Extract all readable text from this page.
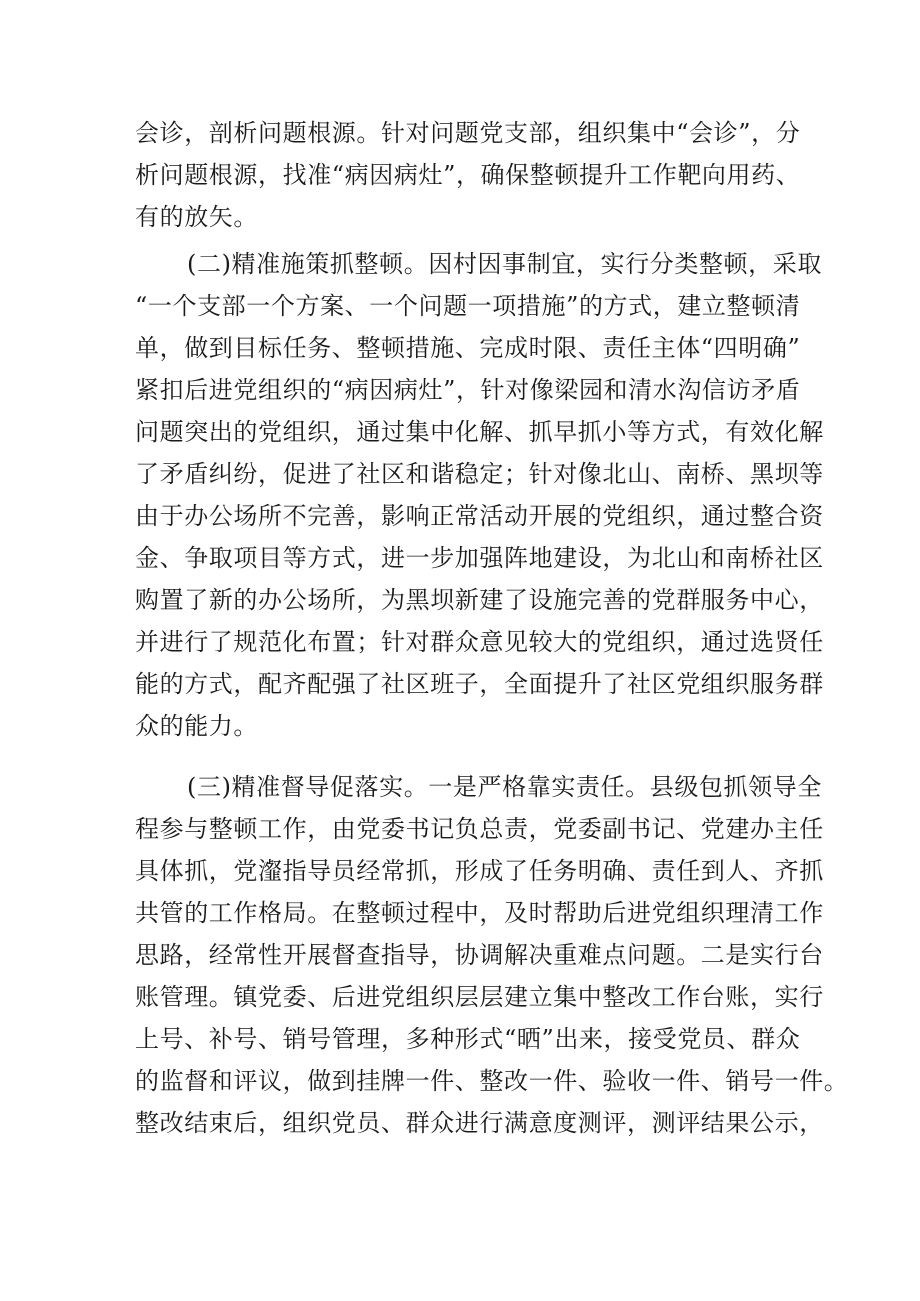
会诊，剖析问题根源。针对问题党支部，组织集中“会诊”，分
析问题根源，找准“病因病灶”，确保整顿提升工作靶向用药、
有的放矢。
(二)精准施策抓整顿。因村因事制宜，实行分类整顿，采取
“一个支部一个方案、一个问题一项措施”的方式，建立整顿清
单，做到目标任务、整顿措施、完成时限、责任主体“四明确”
紧扣后进党组织的“病因病灶”，针对像梁园和清水沟信访矛盾
问题突出的党组织，通过集中化解、抓早抓小等方式，有效化解
了矛盾纠纷，促进了社区和谐稳定；针对像北山、南桥、黑坝等
由于办公场所不完善，影响正常活动开展的党组织，通过整合资
金、争取项目等方式，进一步加强阵地建设，为北山和南桥社区
购置了新的办公场所，为黑坝新建了设施完善的党群服务中心，
并进行了规范化布置；针对群众意见较大的党组织，通过选贤任
能的方式，配齐配强了社区班子，全面提升了社区党组织服务群
众的能力。
(三)精准督导促落实。一是严格靠实责任。县级包抓领导全
程参与整顿工作，由党委书记负总责，党委副书记、党建办主任
具体抓，党瀣指导员经常抓，形成了任务明确、责任到人、齐抓
共管的工作格局。在整顿过程中，及时帮助后进党组织理清工作
思路，经常性开展督查指导，协调解决重难点问题。二是实行台
账管理。镇党委、后进党组织层层建立集中整改工作台账，实行
上号、补号、销号管理，多种形式“晒”出来，接受党员、群众
的监督和评议，做到挂牌一件、整改一件、验收一件、销号一件。
整改结束后，组织党员、群众进行满意度测评，测评结果公示，
